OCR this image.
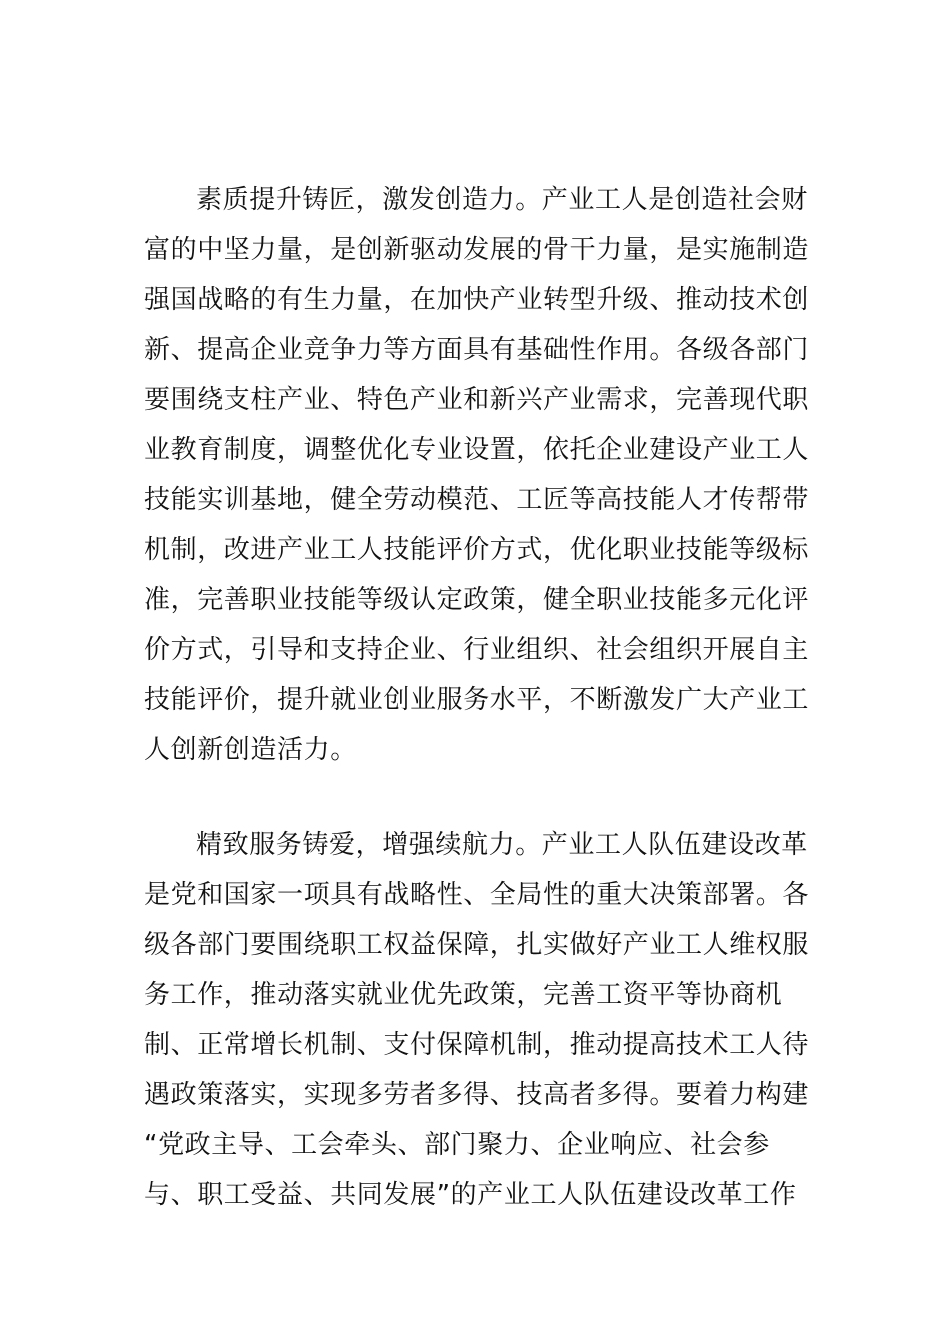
素质提升铸匠，激发创造力。产业工人是创造社会财
富的中坚力量，是创新驱动发展的骨干力量，是实施制造
强国战略的有生力量，在加快产业转型升级、推动技术创
新、提高企业竞争力等方面具有基础性作用。各级各部门
要围绕支柱产业、特色产业和新兴产业需求，完善现代职
业教育制度，调整优化专业设置，依托企业建设产业工人
技能实训基地，健全劳动模范、工匠等高技能人才传帮带
机制，改进产业工人技能评价方式，优化职业技能等级标
准，完善职业技能等级认定政策，健全职业技能多元化评
价方式，引导和支持企业、行业组织、社会组织开展自主
技能评价，提升就业创业服务水平，不断激发广大产业工
人创新创造活力。
精致服务铸爱，增强续航力。产业工人队伍建设改革
是党和国家一项具有战略性、全局性的重大决策部署。各
级各部门要围绕职工权益保障，扎实做好产业工人维权服
务工作，推动落实就业优先政策，完善工资平等协商机
制、正常增长机制、支付保障机制，推动提高技术工人待
遇政策落实，实现多劳者多得、技高者多得。要着力构建
“党政主导、工会牵头、部门聚力、企业响应、社会参
与、职工受益、共同发展”的产业工人队伍建设改革工作
